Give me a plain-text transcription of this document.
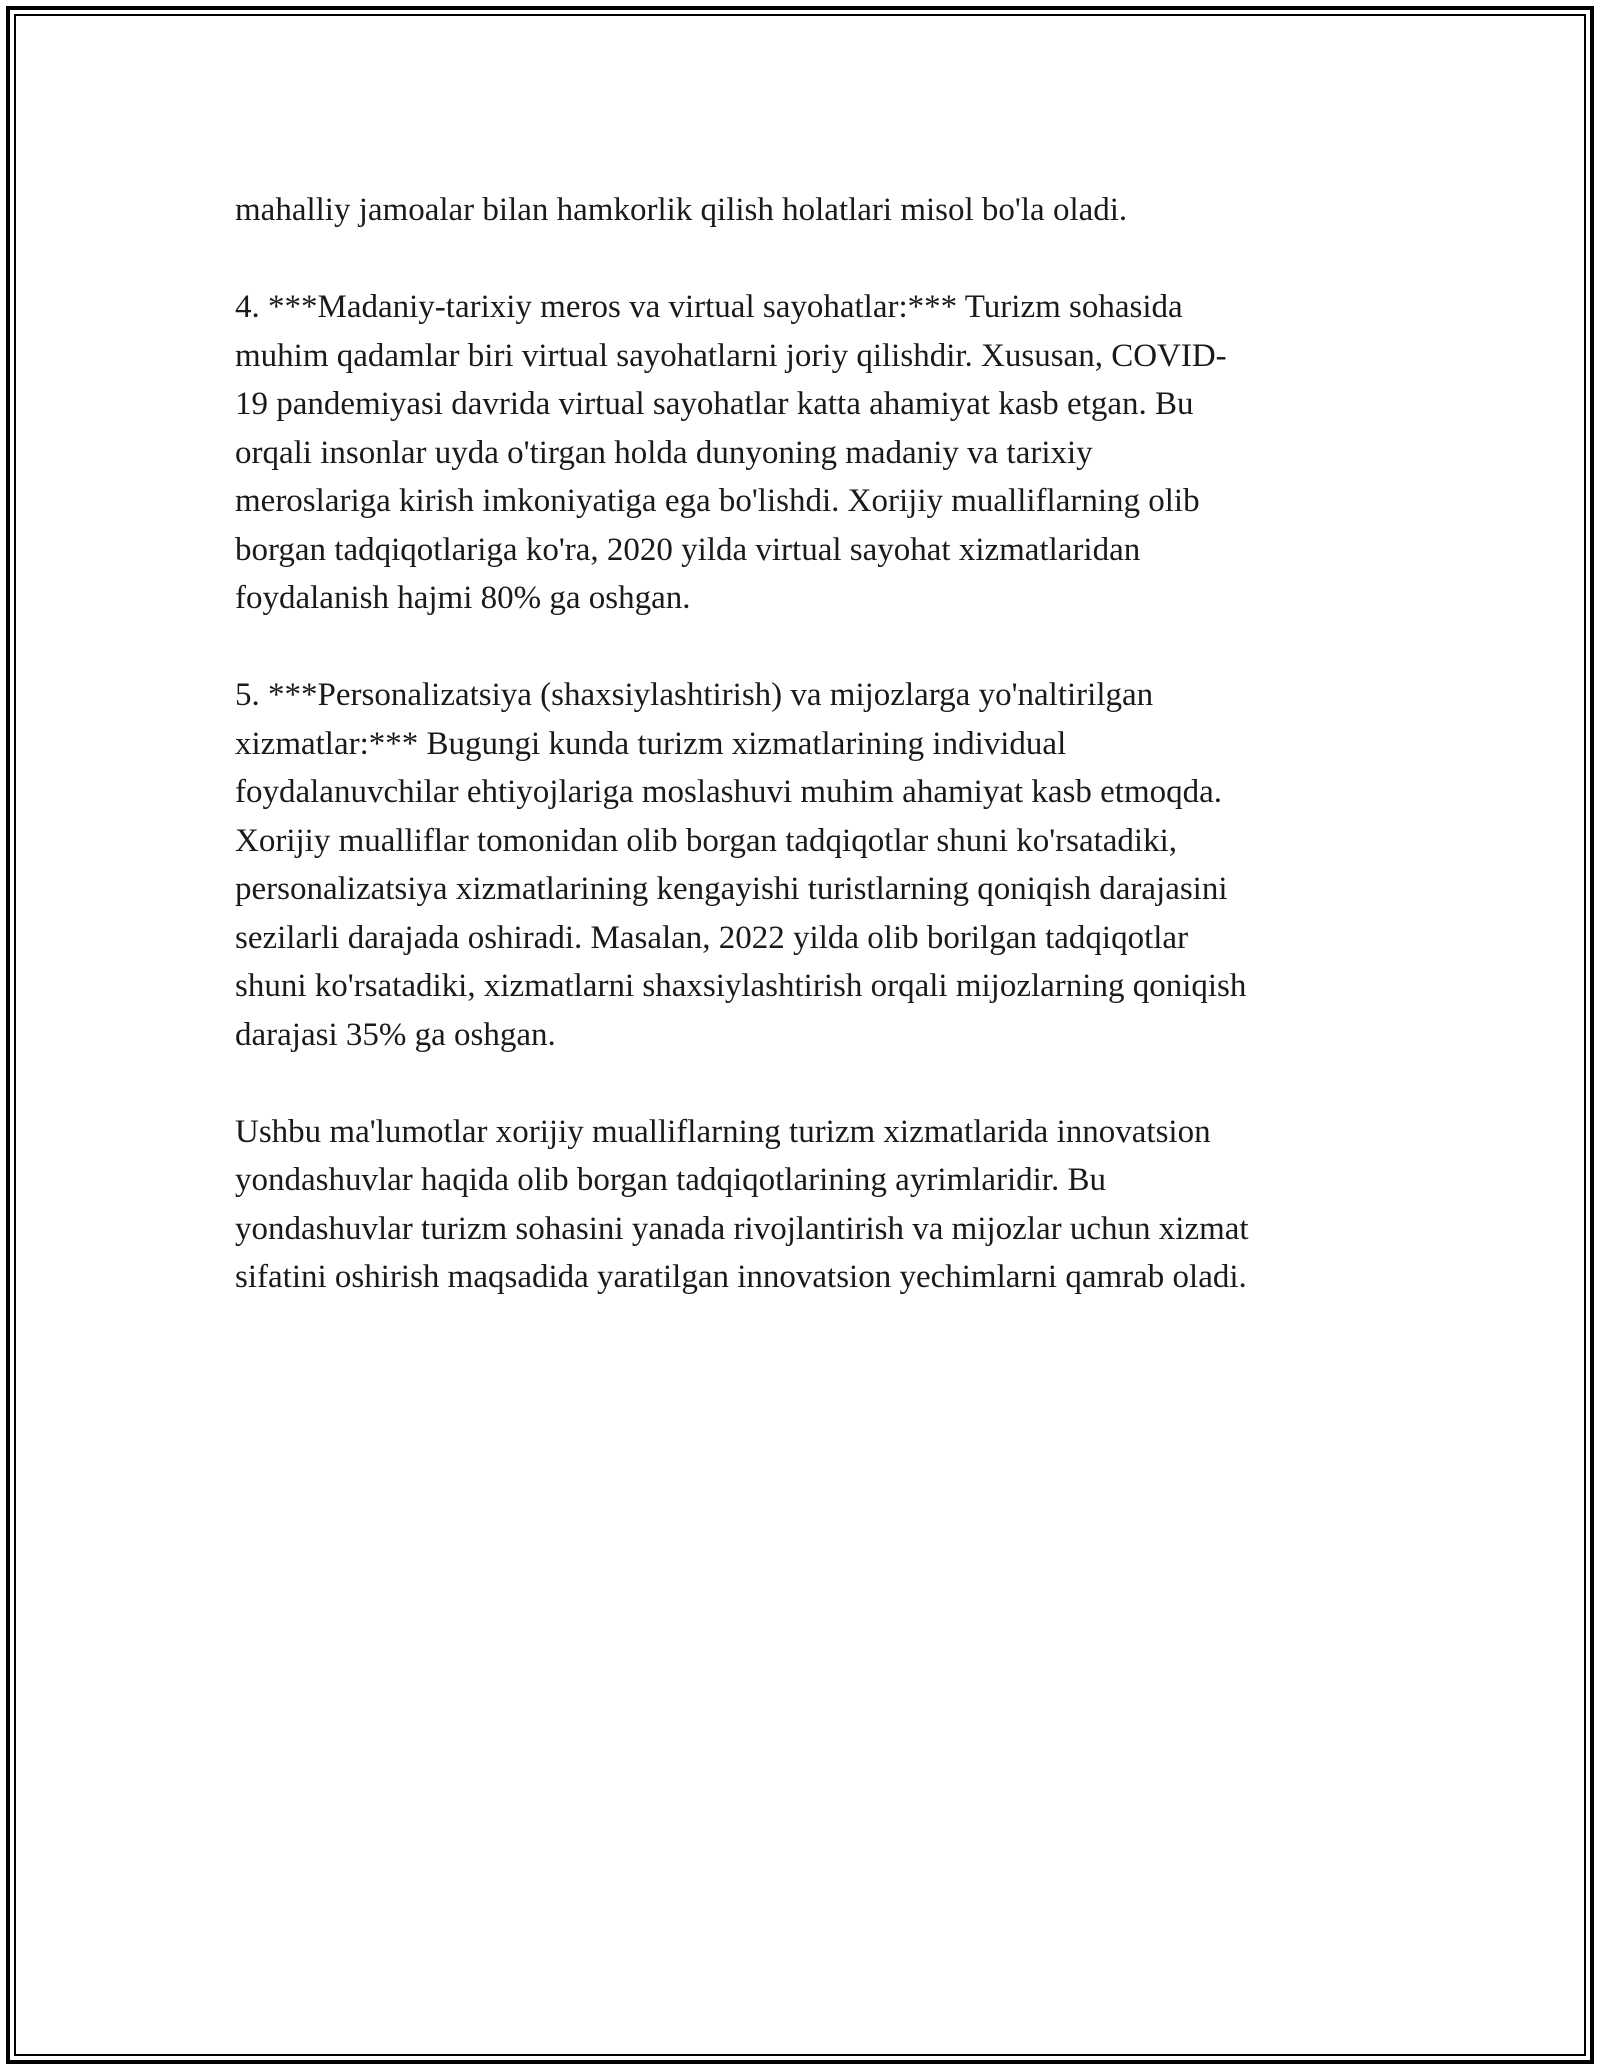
mahalliy jamoalar bilan hamkorlik qilish holatlari misol bo'la oladi.

4. ***Madaniy-tarixiy meros va virtual sayohatlar:*** Turizm sohasida
muhim qadamlar biri virtual sayohatlarni joriy qilishdir. Xususan, COVID-
19 pandemiyasi davrida virtual sayohatlar katta ahamiyat kasb etgan. Bu
orqali insonlar uyda o'tirgan holda dunyoning madaniy va tarixiy
meroslariga kirish imkoniyatiga ega bo'lishdi. Xorijiy mualliflarning olib
borgan tadqiqotlariga ko'ra, 2020 yilda virtual sayohat xizmatlaridan
foydalanish hajmi 80% ga oshgan.

5. ***Personalizatsiya (shaxsiylashtirish) va mijozlarga yo'naltirilgan
xizmatlar:*** Bugungi kunda turizm xizmatlarining individual
foydalanuvchilar ehtiyojlariga moslashuvi muhim ahamiyat kasb etmoqda.
Xorijiy mualliflar tomonidan olib borgan tadqiqotlar shuni ko'rsatadiki,
personalizatsiya xizmatlarining kengayishi turistlarning qoniqish darajasini
sezilarli darajada oshiradi. Masalan, 2022 yilda olib borilgan tadqiqotlar
shuni ko'rsatadiki, xizmatlarni shaxsiylashtirish orqali mijozlarning qoniqish
darajasi 35% ga oshgan.

Ushbu ma'lumotlar xorijiy mualliflarning turizm xizmatlarida innovatsion
yondashuvlar haqida olib borgan tadqiqotlarining ayrimlaridir. Bu
yondashuvlar turizm sohasini yanada rivojlantirish va mijozlar uchun xizmat
sifatini oshirish maqsadida yaratilgan innovatsion yechimlarni qamrab oladi.
